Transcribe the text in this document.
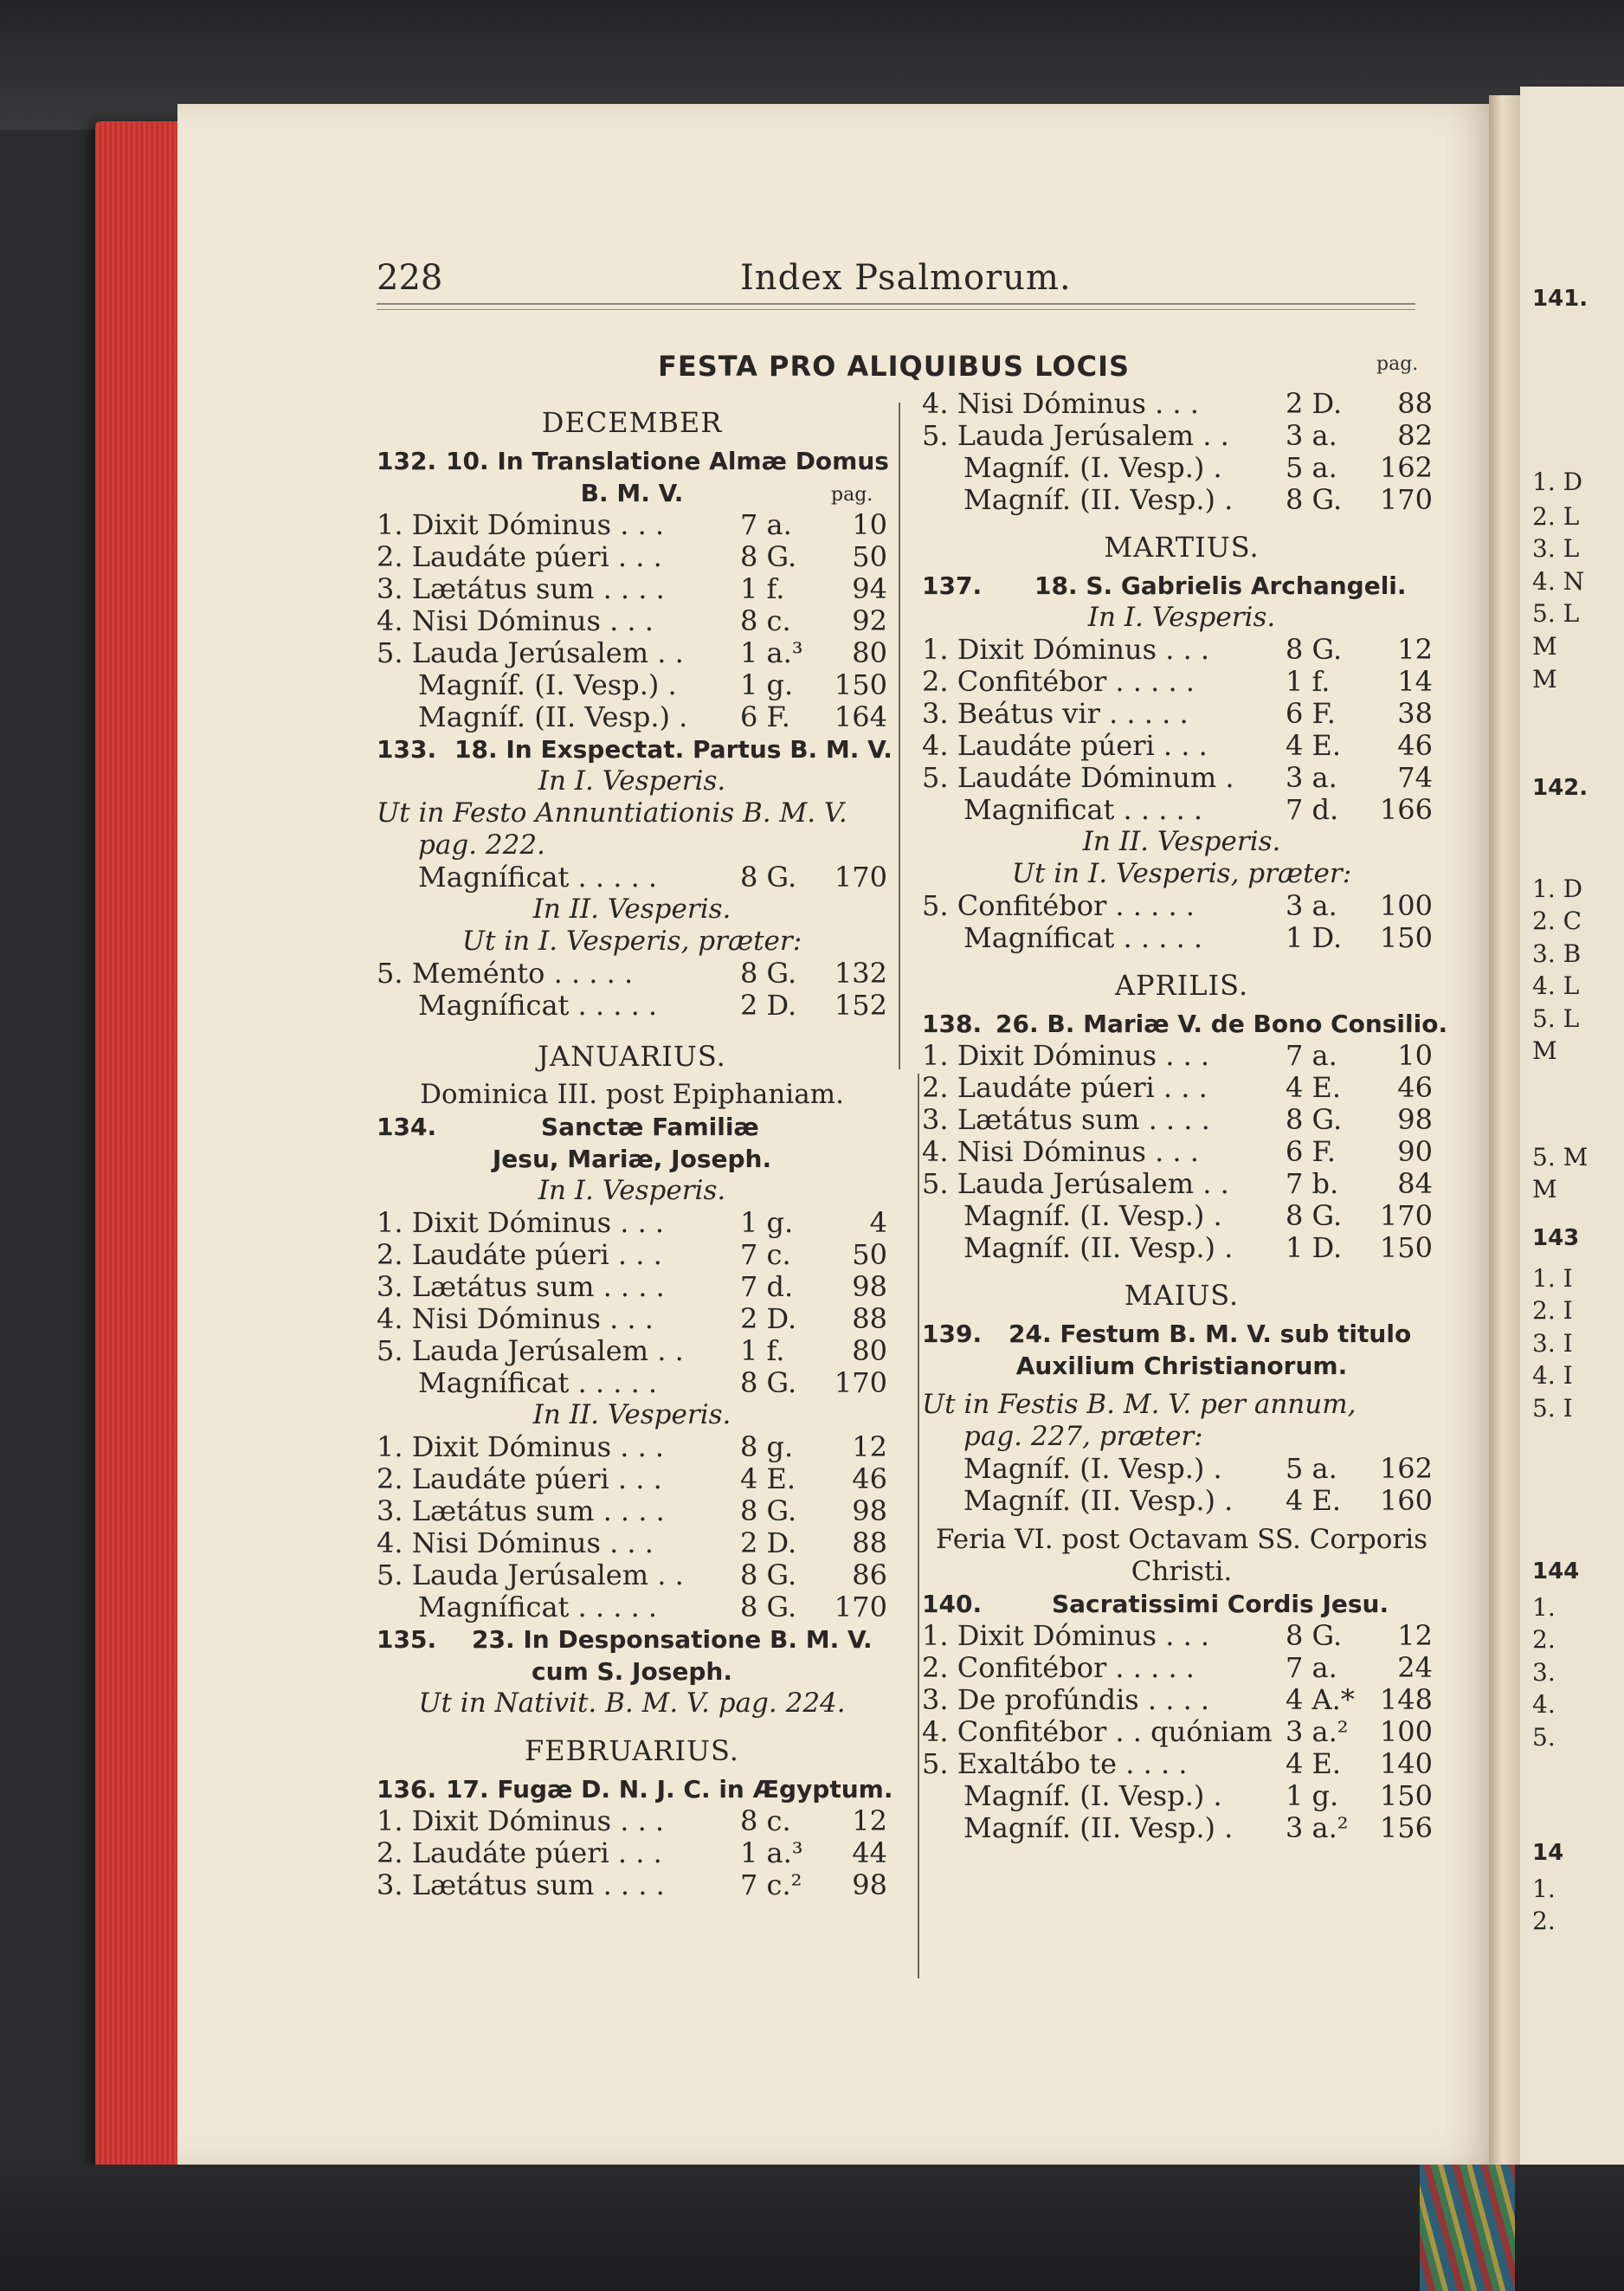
141.
1. D
2. L
3. L
4. N
5. L
M
M
142.
1. D
2. C
3. B
4. L
5. L
M
5. M
M
143
1. I
2. I
3. I
4. I
5. I
144
1.
2.
3.
4.
5.
14
1.
2.
228	Index Psalmorum.
FESTA PRO ALIQUIBUS LOCIS	pag.
DECEMBER
132. 10. In Translatione Almæ Domus
B. M. V.	pag.
1. Dixit Dóminus . . .	7 a.	10
2. Laudáte púeri . . .	8 G.	50
3. Lætátus sum . . . .	1 f.	94
4. Nisi Dóminus . . .	8 c.	92
5. Lauda Jerúsalem . . 1 a.³	80
Magníf. (I. Vesp.) . 1 g.	150
Magníf. (II. Vesp.) . 6 F.	164
133. 18. In Exspectat. Partus B. M. V.
In I. Vesperis.
Ut in Festo Annuntiationis B. M. V.
pag. 222.
Magníficat . . . . .	8 G.	170
In II. Vesperis.
Ut in I. Vesperis, præter:
5. Meménto . . . . .	8 G.	132
Magníficat . . . . .	2 D.	152
JANUARIUS.
Dominica III. post Epiphaniam.
134.	Sanctæ Familiæ
Jesu, Mariæ, Joseph.
In I. Vesperis.
1. Dixit Dóminus . . .	1 g.	4
2. Laudáte púeri . . .	7 c.	50
3. Lætátus sum . . . .	7 d.	98
4. Nisi Dóminus . . .	2 D.	88
5. Lauda Jerúsalem . . 1 f.	80
Magníficat . . . . .	8 G.	170
In II. Vesperis.
1. Dixit Dóminus . . .	8 g.	12
2. Laudáte púeri . . .	4 E.	46
3. Lætátus sum . . . .	8 G.	98
4. Nisi Dóminus . . .	2 D.	88
5. Lauda Jerúsalem . . 8 G.	86
Magníficat . . . . .	8 G.	170
135. 23. In Desponsatione B. M. V.
cum S. Joseph.
Ut in Nativit. B. M. V. pag. 224.
FEBRUARIUS.
136. 17. Fugæ D. N. J. C. in Ægyptum.
1. Dixit Dóminus . . .	8 c.	12
2. Laudáte púeri . . .	1 a.³	44
3. Lætátus sum . . . .	7 c.²	98
4. Nisi Dóminus . . .	2 D.	88
5. Lauda Jerúsalem . . 3 a.	82
Magníf. (I. Vesp.) . 5 a.	162
Magníf. (II. Vesp.) . 8 G.	170
MARTIUS.
137. 18. S. Gabrielis Archangeli.
In I. Vesperis.
1. Dixit Dóminus . . .	8 G.	12
2. Confitébor . . . . .	1 f.	14
3. Beátus vir . . . . .	6 F.	38
4. Laudáte púeri . . .	4 E.	46
5. Laudáte Dóminum . 3 a.	74
Magnificat . . . . .	7 d.	166
In II. Vesperis.
Ut in I. Vesperis, præter:
5. Confitébor . . . . .	3 a.	100
Magníficat . . . . .	1 D.	150
APRILIS.
138. 26. B. Mariæ V. de Bono Consilio.
1. Dixit Dóminus . . .	7 a.	10
2. Laudáte púeri . . .	4 E.	46
3. Lætátus sum . . . .	8 G.	98
4. Nisi Dóminus . . .	6 F.	90
5. Lauda Jerúsalem . . 7 b.	84
Magníf. (I. Vesp.) . 8 G.	170
Magníf. (II. Vesp.) . 1 D.	150
MAIUS.
139. 24. Festum B. M. V. sub titulo
Auxilium Christianorum.
Ut in Festis B. M. V. per annum,
pag. 227, præter:
Magníf. (I. Vesp.) . 5 a.	162
Magníf. (II. Vesp.) . 4 E.	160
Feria VI. post Octavam SS. Corporis
Christi.
140.	Sacratissimi Cordis Jesu.
1. Dixit Dóminus . . .	8 G.	12
2. Confitébor . . . . .	7 a.	24
3. De profúndis . . . .	4 A.* 148
4. Confitébor . . quóniam 3 a.²	100
5. Exaltábo te . . . .	4 E.	140
Magníf. (I. Vesp.) . 1 g.	150
Magníf. (II. Vesp.) . 3 a.²	156
